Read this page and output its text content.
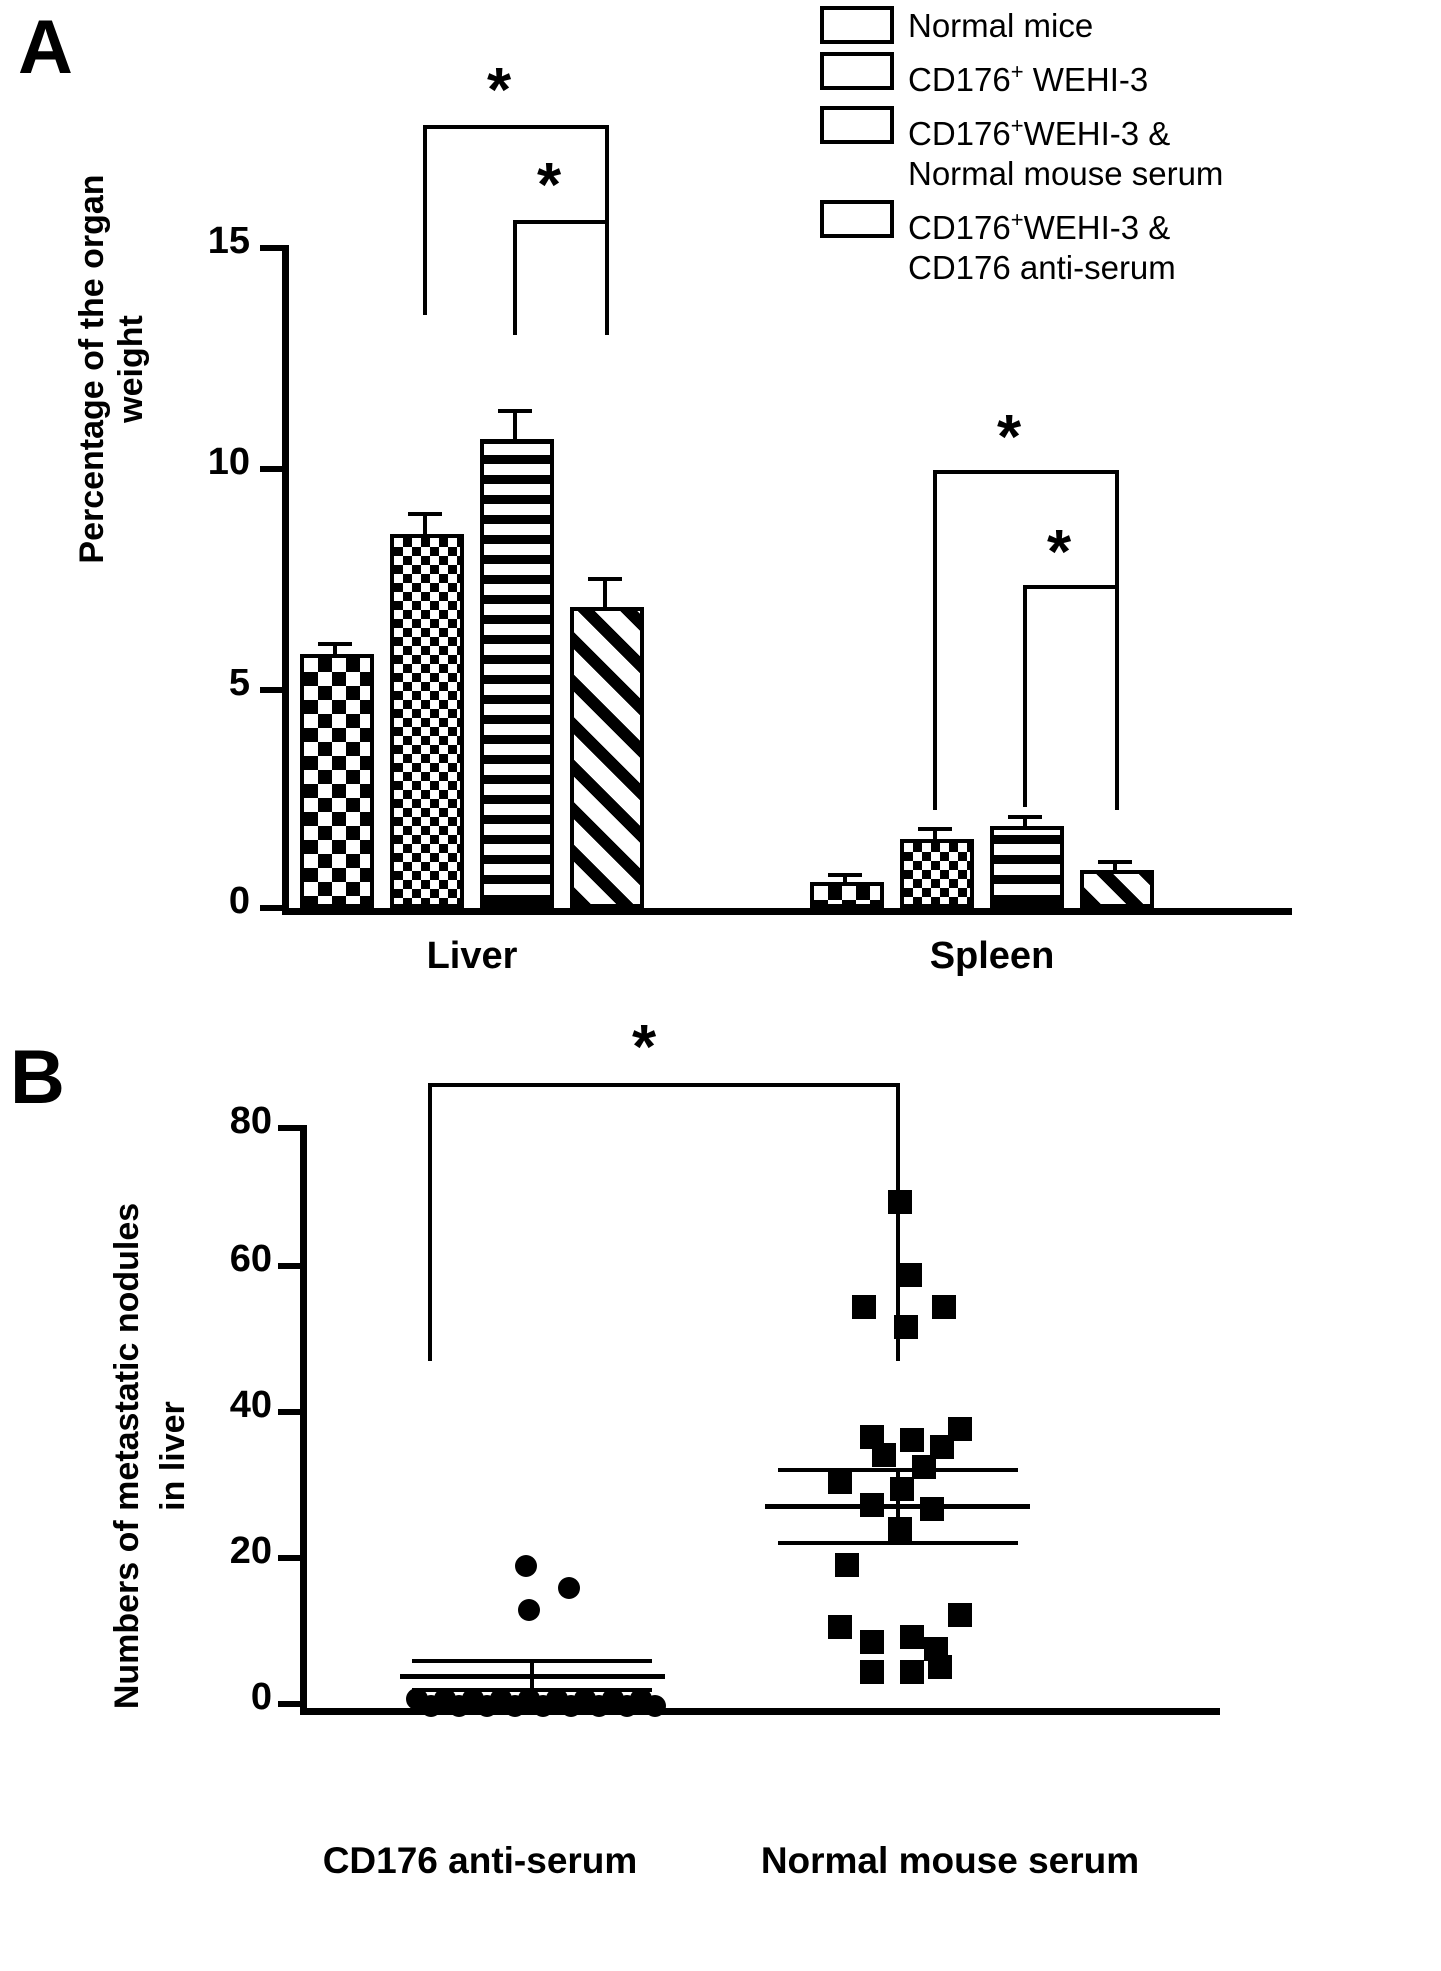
A
Percentage of the organ weight
Normal mice
CD176+ WEHI-3
CD176+WEHI-3 &
Normal mouse serum
CD176+WEHI-3 &
CD176 anti-serum
0
5
10
15
*
*
*
*
Liver	Spleen
B
Numbers of metastatic nodules in liver
0
20
40
60
80
*
CD176 anti-serum	Normal mouse serum
